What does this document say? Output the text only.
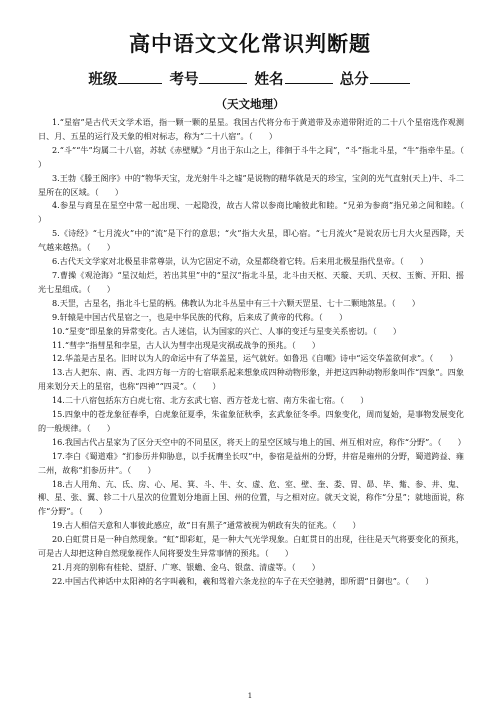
高中语文文化常识判断题
班级	考号	姓名	总分
（天文地理）

1.“星宿”是古代天文学术语，指一颗一颗的星星。我国古代将分布于黄道带及赤道带附近的二十八个星宿选作观测日、月、五星的运行及天象的相对标志，称为“二十八宿”。（　　）

2.“斗”“牛”均属二十八宿，苏轼《赤壁赋》“月出于东山之上，徘徊于斗牛之间”，“斗”指北斗星，“牛”指牵牛星。（　　）

3.王勃《滕王阁序》中的“物华天宝，龙光射牛斗之墟”是说物的精华就是天的珍宝，宝剑的光气直射(天上)牛、斗二星所在的区域。（　　）

4.参星与商星在星空中常一起出现、一起隐没，故古人常以参商比喻彼此和睦。“兄弟为参商”指兄弟之间和睦。（　　）

5.《诗经》“七月流火”中的“流”是下行的意思；“火”指大火星，即心宿。“七月流火”是说农历七月大火星西降，天气越来越热。（　　）

6.古代天文学家对北极星非常尊崇，认为它固定不动，众星都绕着它转。后来用北极星指代皇帝。（　　）

7.曹操《观沧海》“星汉灿烂，若出其里”中的“星汉”指北斗星，北斗由天枢、天璇、天玑、天权、玉衡、开阳、摇光七星组成。（　　）

8.天罡，古星名，指北斗七星的柄。佛教认为北斗丛星中有三十六颗天罡星、七十二颗地煞星。（　　）

9.轩辕是中国古代星宿之一，也是中华民族的代称，后来成了黄帝的代称。（　　）

10.“星变”即星象的异常变化。古人迷信，认为国家的兴亡、人事的变迁与星变关系密切。（　　）

11.“彗孛”指彗星和孛星，古人认为彗孛出现是灾祸或战争的预兆。（　　）

12.华盖是古星名。旧时以为人的命运中有了华盖星，运气就好。如鲁迅《自嘲》诗中“运交华盖欲何求”。（　　）

13.古人把东、南、西、北四方每一方的七宿联系起来想象成四种动物形象，并把这四种动物形象叫作“四象”。四象用来划分天上的星宿，也称“四神”“四灵”。（　　）

14.二十八宿包括东方白虎七宿、北方玄武七宿、西方苍龙七宿、南方朱雀七宿。（　　）

15.四象中的苍龙象征春季，白虎象征夏季，朱雀象征秋季，玄武象征冬季。四象变化，周而复始，是事物发展变化的一般规律。（　　）

16.我国古代占星家为了区分天空中的不同星区，将天上的星空区域与地上的国、州互相对应，称作“分野”。（　　）

17.李白《蜀道难》“扪参历井仰胁息，以手抚膺坐长叹”中，参宿是益州的分野，井宿是雍州的分野，蜀道跨益、雍二州，故称“扪参历井”。（　　）

18.古人用角、亢、氐、房、心、尾、箕、斗、牛、女、虚、危、室、壁、奎、娄、胃、昴、毕、觜、参、井、鬼、柳、星、张、翼、轸二十八星次的位置划分地面上国、州的位置，与之相对应。就天文说，称作“分星”；就地面说，称作“分野”。（　　）

19.古人相信天意和人事彼此感应，故“日有黑子”通常被视为朝政有失的征兆。（　　）

20.白虹贯日是一种自然现象。“虹”即彩虹，是一种大气光学现象。白虹贯日的出现，往往是天气将要变化的预兆，可是古人却把这种自然现象视作人间将要发生异常事情的预兆。（　　）

21.月亮的别称有桂轮、望舒、广寒、银蟾、金乌、银盘、清虚等。（　　）

22.中国古代神话中太阳神的名字叫羲和，羲和驾着六条龙拉的车子在天空驰骋，即所谓“日御也”。（　　）

1
